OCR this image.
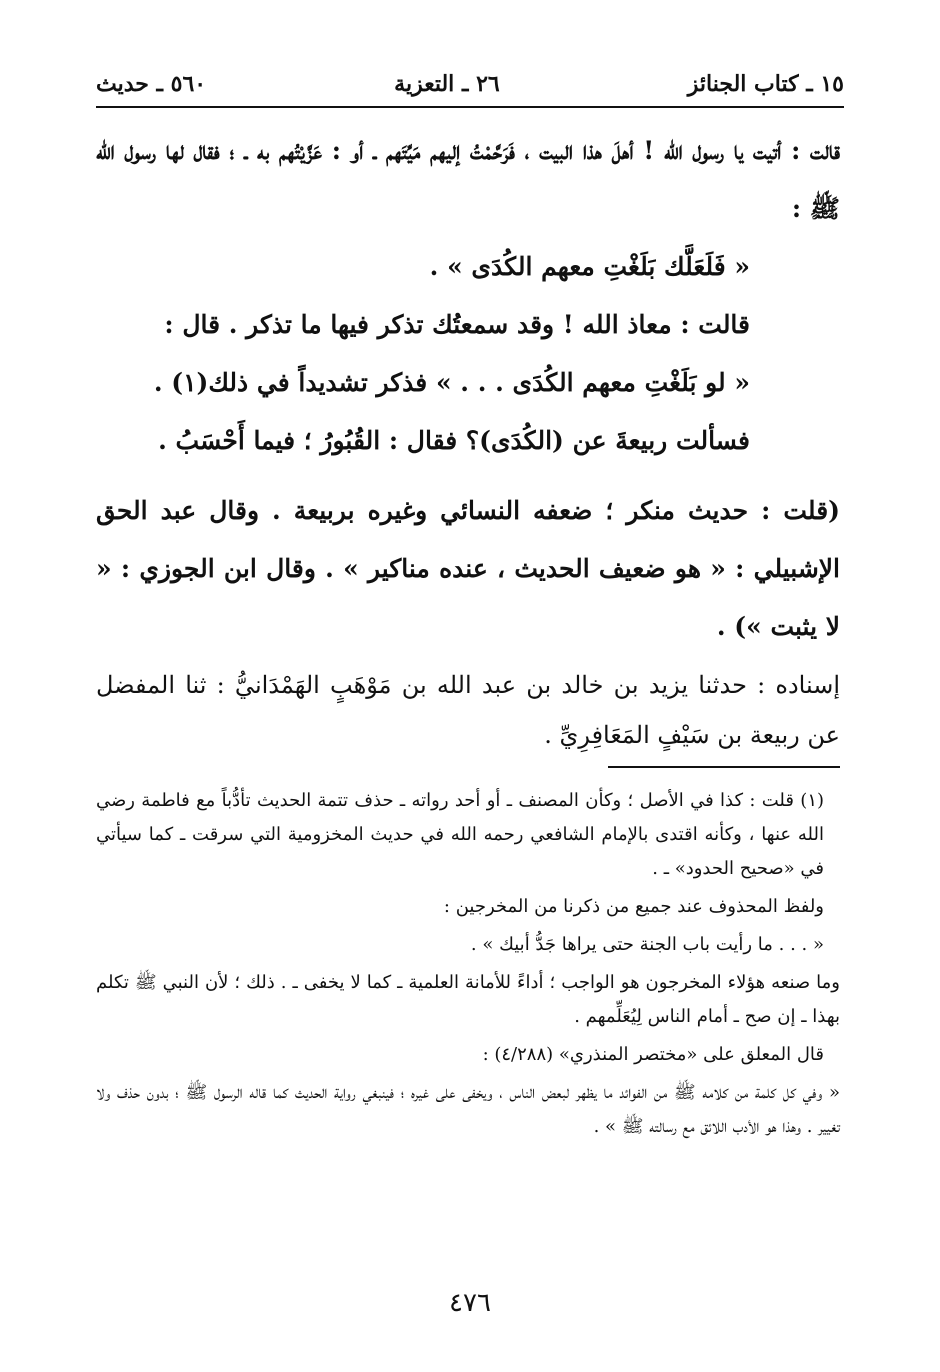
١٥ ـ كتاب الجنائز
٢٦ ـ التعزية
٥٦٠ ـ حديث

قالت : أتيت يا رسول الله ! أهلَ هذا البيت ، فَرَحَّمْتُ إليهم مَيِّتَهم ـ أو : عَزَّيْتُهم به ـ ؛ فقال لها رسول الله ﷺ :

« فَلَعَلَّك بَلَغْتِ معهم الكُدَى » .

قالت : معاذ الله ! وقد سمعتُك تذكر فيها ما تذكر . قال :

« لو بَلَغْتِ معهم الكُدَى . . . » فذكر تشديداً في ذلك(١) .

فسألت ربيعةَ عن (الكُدَى)؟ فقال : القُبُورُ ؛ فيما أَحْسَبُ .

(قلت : حديث منكر ؛ ضعفه النسائي وغيره بربيعة . وقال عبد الحق الإشبيلي : « هو ضعيف الحديث ، عنده مناكير » . وقال ابن الجوزي : « لا يثبت ») .

إسناده : حدثنا يزيد بن خالد بن عبد الله بن مَوْهَبٍ الهَمْدَانيُّ : ثنا المفضل عن ربيعة بن سَيْفٍ المَعَافِرِيِّ .

(١) قلت : كذا في الأصل ؛ وكأن المصنف ـ أو أحد رواته ـ حذف تتمة الحديث تأدُّباً مع فاطمة رضي الله عنها ، وكأنه اقتدى بالإمام الشافعي رحمه الله في حديث المخزومية التي سرقت ـ كما سيأتي في «صحيح الحدود» ـ .

ولفظ المحذوف عند جميع من ذكرنا من المخرجين :

« . . . ما رأيت باب الجنة حتى يراها جَدُّ أبيك » .

وما صنعه هؤلاء المخرجون هو الواجب ؛ أداءً للأمانة العلمية ـ كما لا يخفى ـ . ذلك ؛ لأن النبي ﷺ تكلم بهذا ـ إن صح ـ أمام الناس لِيُعَلِّمهم .

قال المعلق على «مختصر المنذري» (٤/٢٨٨) :

« وفي كل كلمة من كلامه ﷺ من الفوائد ما يظهر لبعض الناس ، ويخفى على غيره ؛ فينبغي رواية الحديث كما قاله الرسول ﷺ ؛ بدون حذف ولا تغيير . وهذا هو الأدب اللائق مع رسالته ﷺ » .

٤٧٦
